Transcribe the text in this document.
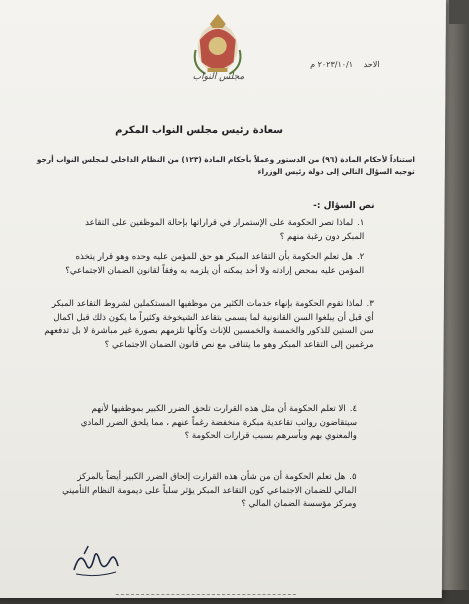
مجلس النواب
الاحد ٢٠٢٣/١٠/١ م
سعادة رئيس مجلس النواب المكرم
استناداً لأحكام المادة (٩٦) من الدستور وعملاً بأحكام المادة (١٢٣) من النظام الداخلي لمجلس النواب أرجو توجيه السؤال التالي إلى دولة رئيس الوزراء
نص السؤال :-
١.لماذا تصر الحكومة على الإستمرار في قراراتها بإحالة الموظفين على التقاعد المبكر دون رغبة منهم ؟
٢.هل تعلم الحكومة بأن التقاعد المبكر هو حق للمؤمن عليه وحده وهو قرار يتخذه المؤمن عليه بمحض إرادته ولا أحد يمكنه أن يلزمه به وفقاً لقانون الضمان الاجتماعي؟
٣.لماذا تقوم الحكومة بإنهاء خدمات الكثير من موظفيها المستكملين لشروط التقاعد المبكر أي قبل أن يبلغوا السن القانونية لما يسمى بتقاعد الشيخوخة وكثيراً ما يكون ذلك قبل اكمال سن الستين للذكور والخمسة والخمسين للإناث وكأنها تلزمهم بصورة غير مباشرة لا بل تدفعهم مرغمين إلى التقاعد المبكر وهو ما يتنافى مع نص قانون الضمان الاجتماعي ؟
٤.الا تعلم الحكومة أن مثل هذه القرارت تلحق الضرر الكبير بموظفيها لأنهم سيتقاضون رواتب تقاعدية مبكرة منخفضة رغماً عنهم ، مما يلحق الضرر المادي والمعنوي بهم وبأسرهم بسبب قرارات الحكومة ؟
٥.هل تعلم الحكومة أن من شأن هذه القرارت إلحاق الضرر الكبير أيضاً بالمركز المالي للضمان الاجتماعي كون التقاعد المبكر يؤثر سلباً على ديمومة النظام التأميني ومركز مؤسسة الضمان المالي ؟
